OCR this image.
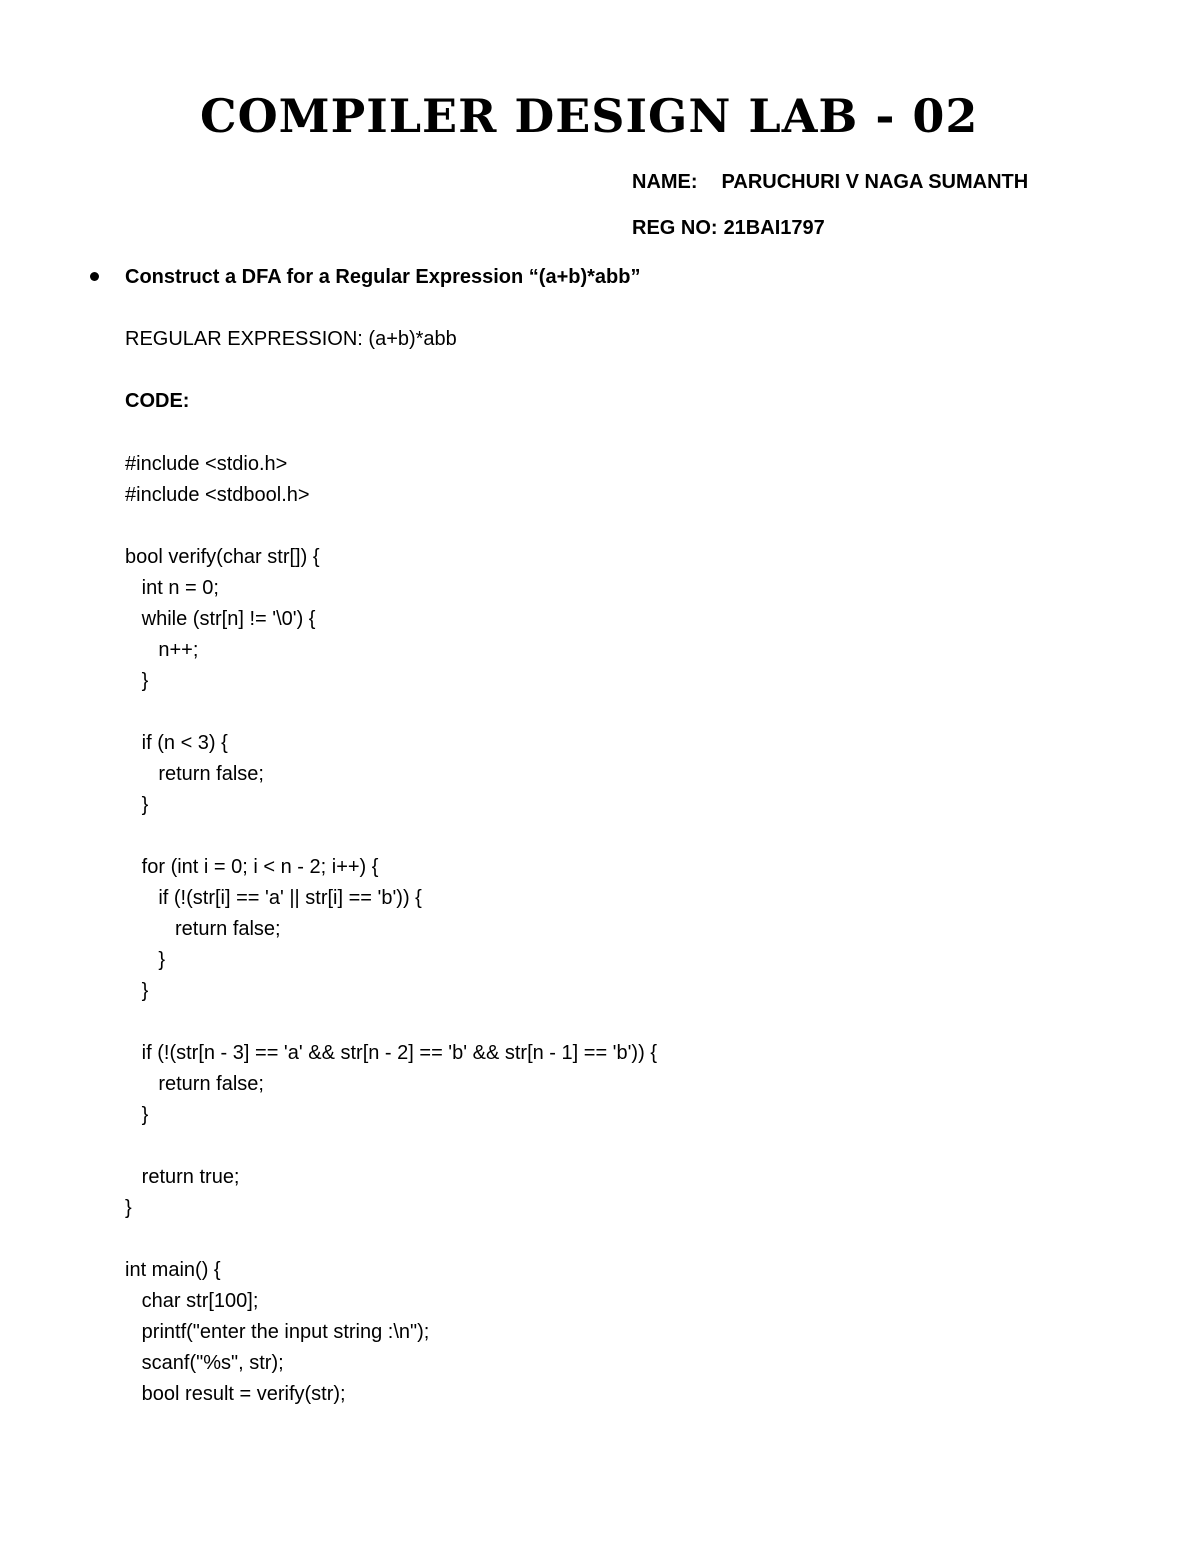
COMPILER DESIGN LAB - 02
NAME: PARUCHURI V NAGA SUMANTH
REG NO: 21BAI1797
Construct a DFA for a Regular Expression “(a+b)*abb”
REGULAR EXPRESSION: (a+b)*abb
CODE:
#include <stdio.h>
#include <stdbool.h>
bool verify(char str[]) {
int n = 0;
while (str[n] != '\0') {
n++;
}
if (n < 3) {
return false;
}
for (int i = 0; i < n - 2; i++) {
if (!(str[i] == 'a' || str[i] == 'b')) {
return false;
}
}
if (!(str[n - 3] == 'a' && str[n - 2] == 'b' && str[n - 1] == 'b')) {
return false;
}
return true;
}
int main() {
char str[100];
printf("enter the input string :\n");
scanf("%s", str);
bool result = verify(str);
